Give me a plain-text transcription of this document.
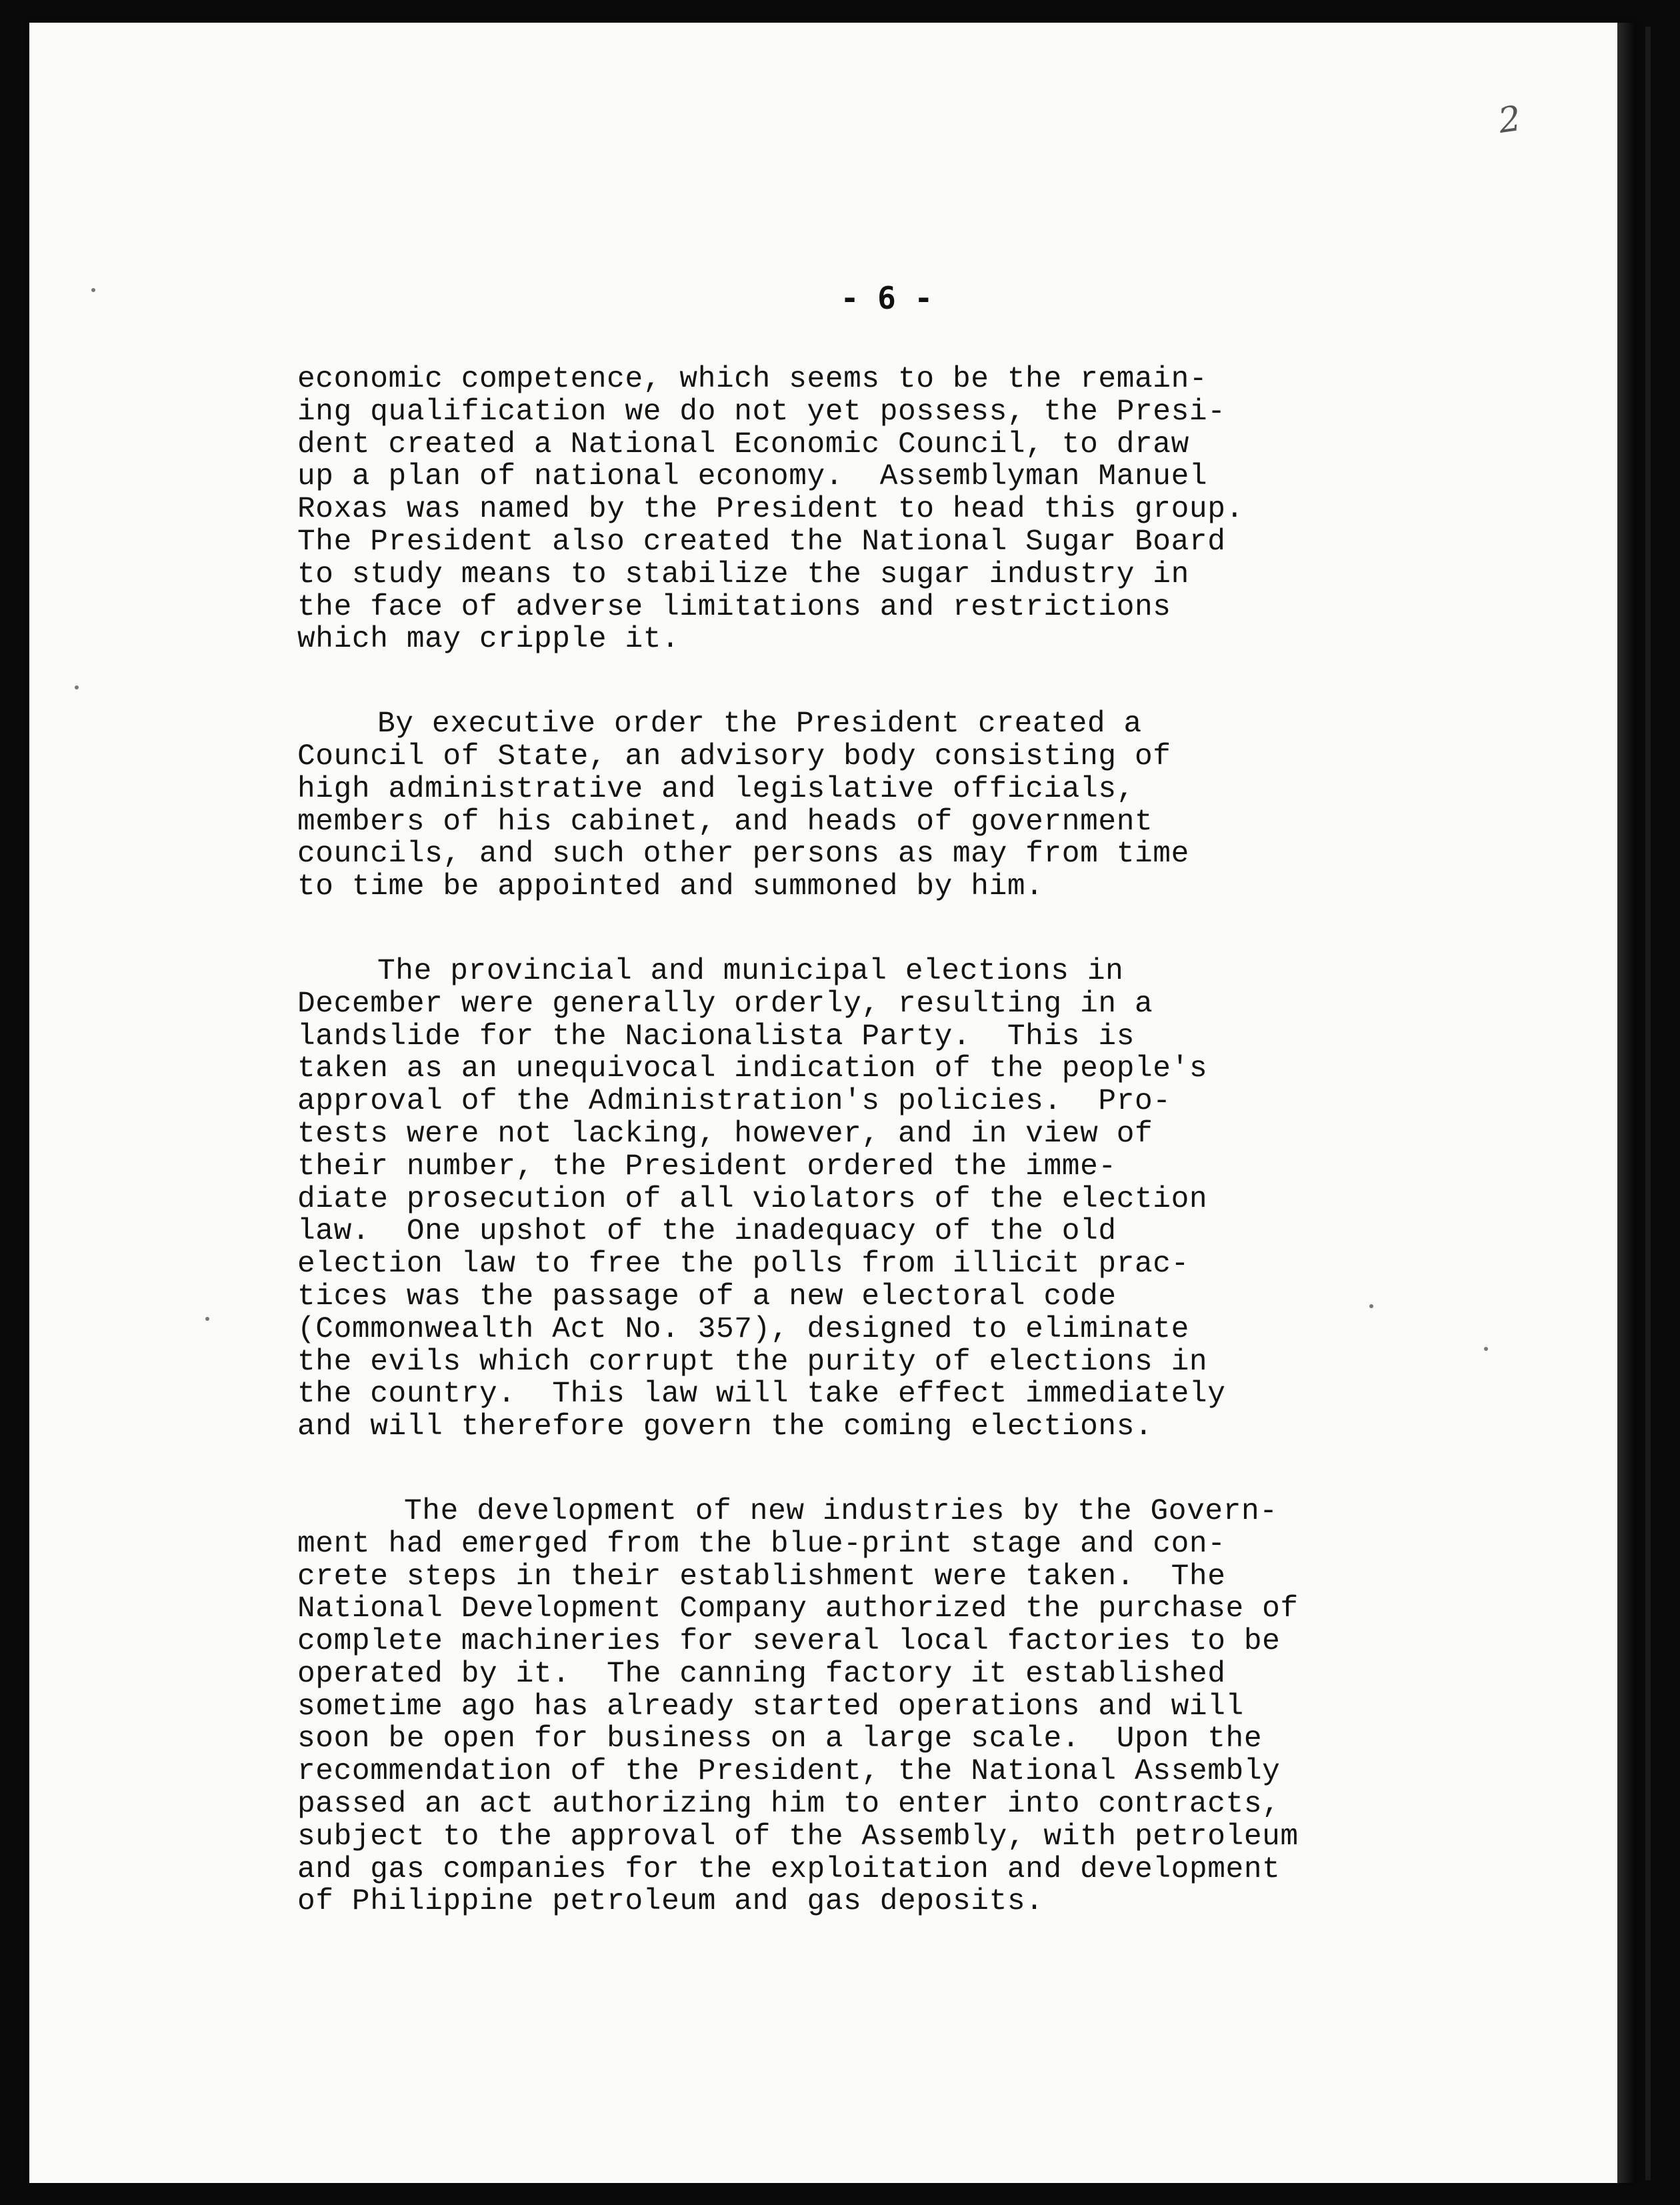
2
- 6 -
economic competence, which seems to be the remain-
ing qualification we do not yet possess, the Presi-
dent created a National Economic Council, to draw
up a plan of national economy.  Assemblyman Manuel
Roxas was named by the President to head this group.
The President also created the National Sugar Board
to study means to stabilize the sugar industry in
the face of adverse limitations and restrictions
which may cripple it.
By executive order the President created a
Council of State, an advisory body consisting of
high administrative and legislative officials,
members of his cabinet, and heads of government
councils, and such other persons as may from time
to time be appointed and summoned by him.
The provincial and municipal elections in
December were generally orderly, resulting in a
landslide for the Nacionalista Party.  This is
taken as an unequivocal indication of the people's
approval of the Administration's policies.  Pro-
tests were not lacking, however, and in view of
their number, the President ordered the imme-
diate prosecution of all violators of the election
law.  One upshot of the inadequacy of the old
election law to free the polls from illicit prac-
tices was the passage of a new electoral code
(Commonwealth Act No. 357), designed to eliminate
the evils which corrupt the purity of elections in
the country.  This law will take effect immediately
and will therefore govern the coming elections.
The development of new industries by the Govern-
ment had emerged from the blue-print stage and con-
crete steps in their establishment were taken.  The
National Development Company authorized the purchase of
complete machineries for several local factories to be
operated by it.  The canning factory it established
sometime ago has already started operations and will
soon be open for business on a large scale.  Upon the
recommendation of the President, the National Assembly
passed an act authorizing him to enter into contracts,
subject to the approval of the Assembly, with petroleum
and gas companies for the exploitation and development
of Philippine petroleum and gas deposits.
